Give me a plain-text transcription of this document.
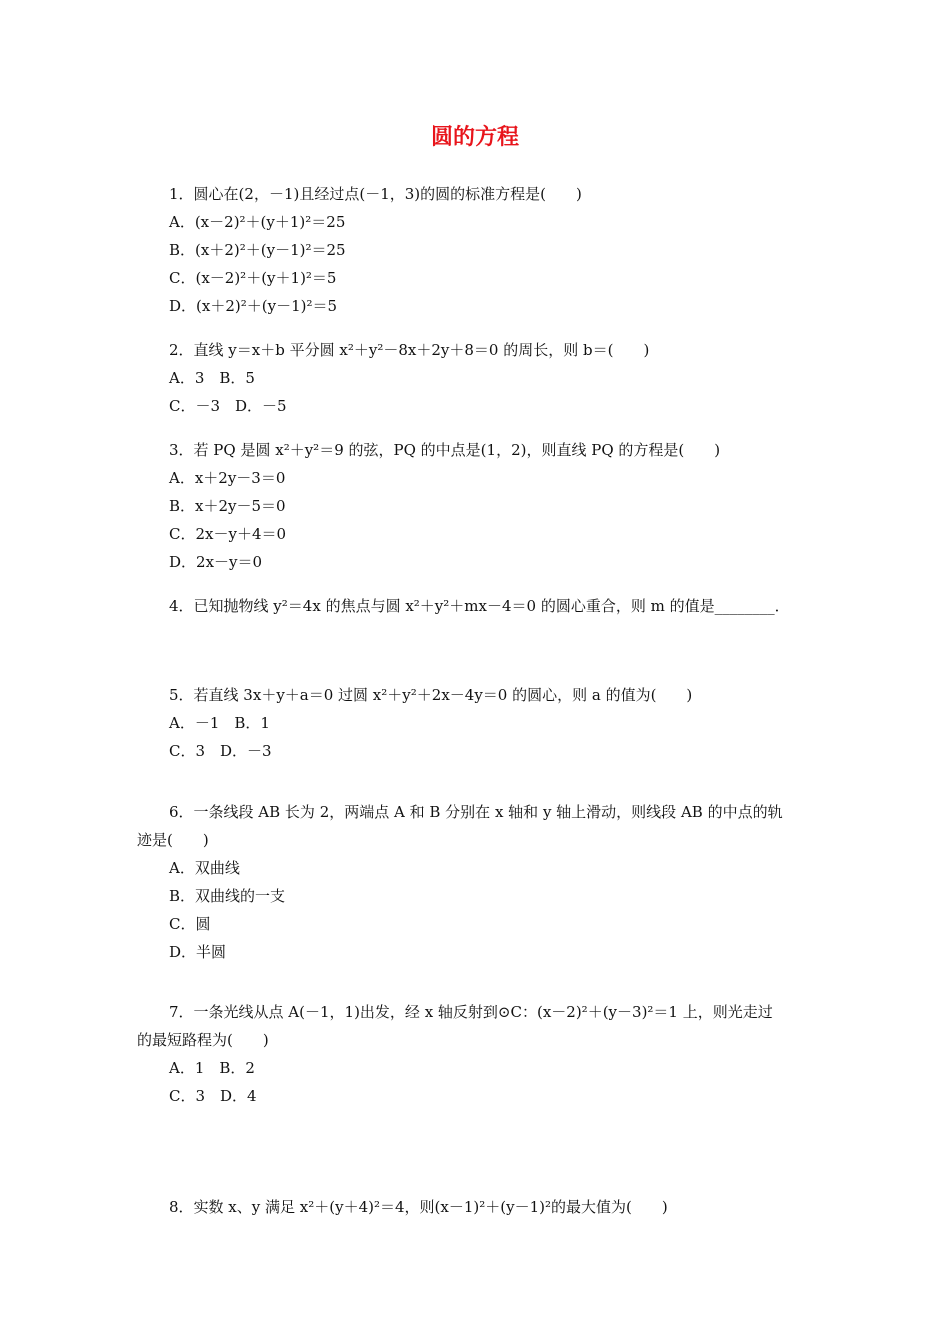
圆的方程
1．圆心在(2，－1)且经过点(－1，3)的圆的标准方程是(　　)
A．(x－2)²＋(y＋1)²＝25
B．(x＋2)²＋(y－1)²＝25
C．(x－2)²＋(y＋1)²＝5
D．(x＋2)²＋(y－1)²＝5
2．直线 y＝x＋b 平分圆 x²＋y²－8x＋2y＋8＝0 的周长，则 b＝(　　)
A．3　B．5
C．－3　D．－5
3．若 PQ 是圆 x²＋y²＝9 的弦，PQ 的中点是(1，2)，则直线 PQ 的方程是(　　)
A．x＋2y－3＝0
B．x＋2y－5＝0
C．2x－y＋4＝0
D．2x－y＝0
4．已知抛物线 y²＝4x 的焦点与圆 x²＋y²＋mx－4＝0 的圆心重合，则 m 的值是________．
5．若直线 3x＋y＋a＝0 过圆 x²＋y²＋2x－4y＝0 的圆心，则 a 的值为(　　)
A．－1　B．1
C．3　D．－3
6．一条线段 AB 长为 2，两端点 A 和 B 分别在 x 轴和 y 轴上滑动，则线段 AB 的中点的轨
迹是(　　)
A．双曲线
B．双曲线的一支
C．圆
D．半圆
7．一条光线从点 A(－1，1)出发，经 x 轴反射到⊙C：(x－2)²＋(y－3)²＝1 上，则光走过
的最短路程为(　　)
A．1　B．2
C．3　D．4
8．实数 x、y 满足 x²＋(y＋4)²＝4，则(x－1)²＋(y－1)²的最大值为(　　)
